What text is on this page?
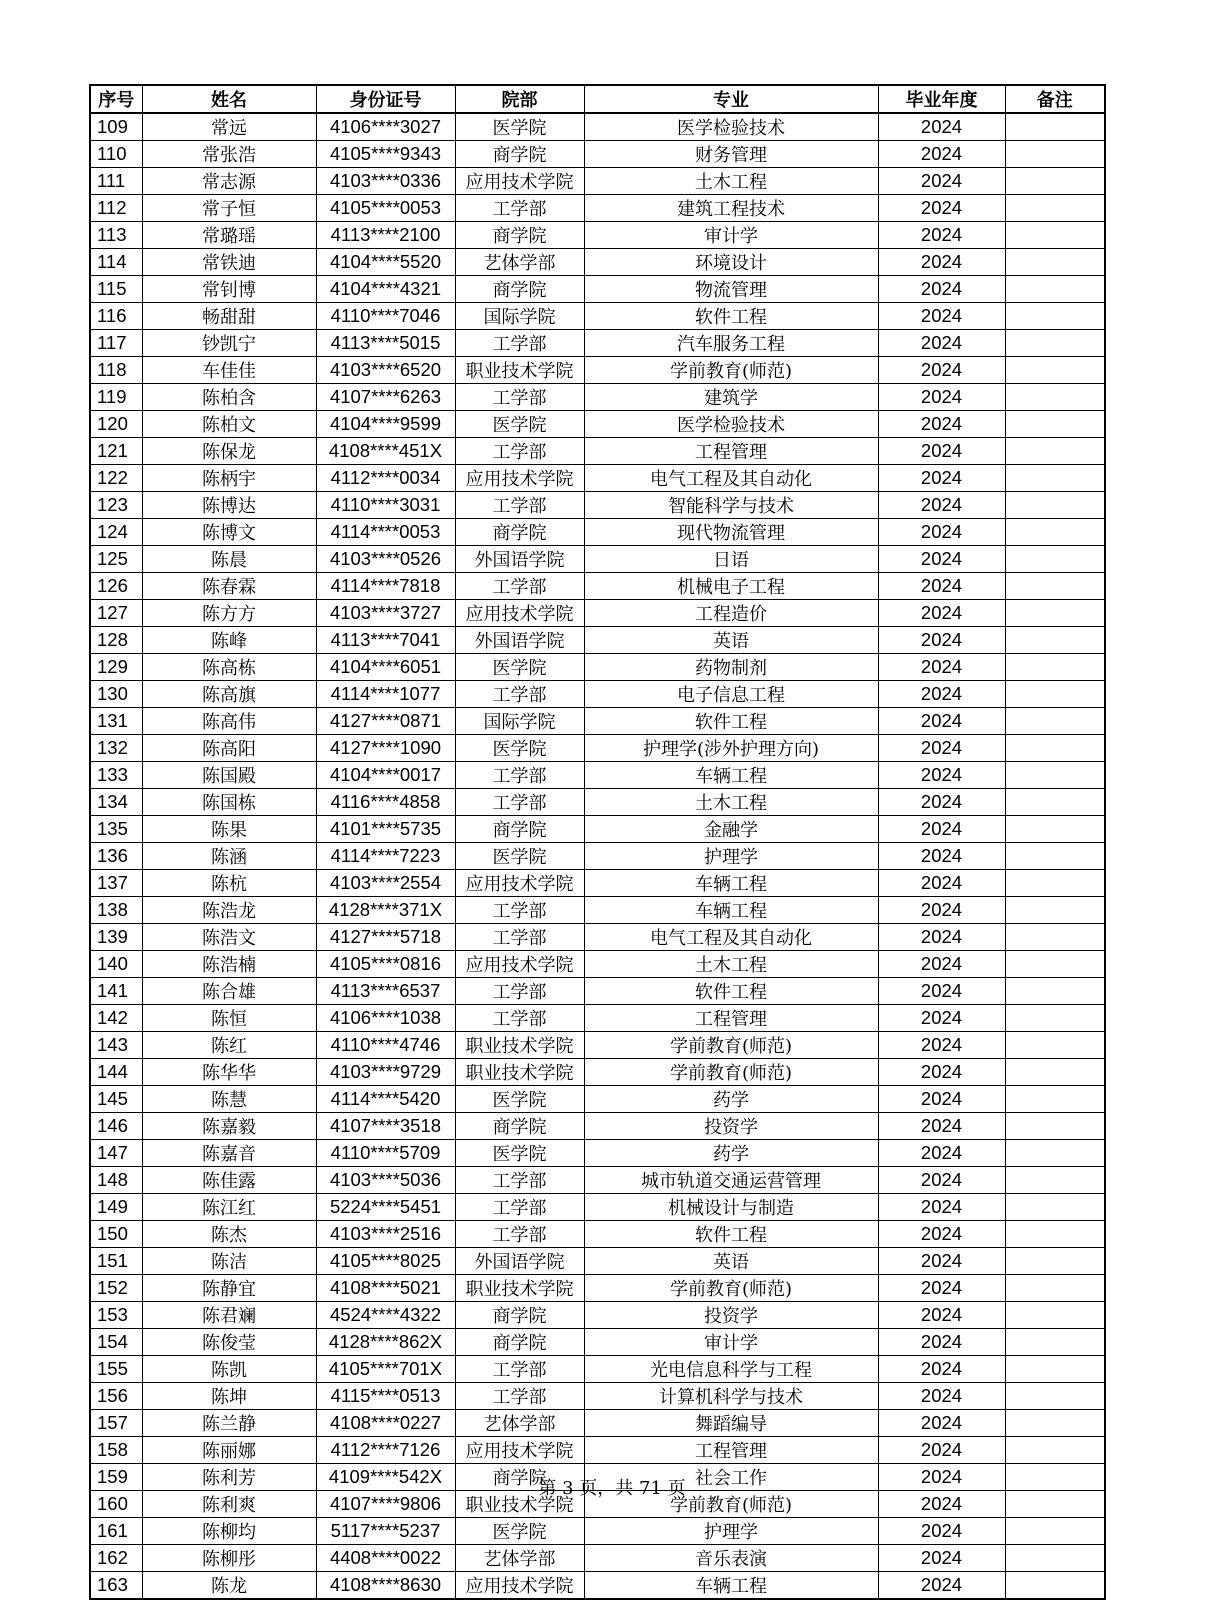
序号	姓名	身份证号	院部	专业	毕业年度	备注
109	常远	4106****3027	医学院	医学检验技术	2024	
110	常张浩	4105****9343	商学院	财务管理	2024	
111	常志源	4103****0336	应用技术学院	土木工程	2024	
112	常子恒	4105****0053	工学部	建筑工程技术	2024	
113	常璐瑶	4113****2100	商学院	审计学	2024	
114	常铁迪	4104****5520	艺体学部	环境设计	2024	
115	常钊博	4104****4321	商学院	物流管理	2024	
116	畅甜甜	4110****7046	国际学院	软件工程	2024	
117	钞凯宁	4113****5015	工学部	汽车服务工程	2024	
118	车佳佳	4103****6520	职业技术学院	学前教育(师范)	2024	
119	陈柏含	4107****6263	工学部	建筑学	2024	
120	陈柏文	4104****9599	医学院	医学检验技术	2024	
121	陈保龙	4108****451X	工学部	工程管理	2024	
122	陈柄宇	4112****0034	应用技术学院	电气工程及其自动化	2024	
123	陈博达	4110****3031	工学部	智能科学与技术	2024	
124	陈博文	4114****0053	商学院	现代物流管理	2024	
125	陈晨	4103****0526	外国语学院	日语	2024	
126	陈春霖	4114****7818	工学部	机械电子工程	2024	
127	陈方方	4103****3727	应用技术学院	工程造价	2024	
128	陈峰	4113****7041	外国语学院	英语	2024	
129	陈高栋	4104****6051	医学院	药物制剂	2024	
130	陈高旗	4114****1077	工学部	电子信息工程	2024	
131	陈高伟	4127****0871	国际学院	软件工程	2024	
132	陈高阳	4127****1090	医学院	护理学(涉外护理方向)	2024	
133	陈国殿	4104****0017	工学部	车辆工程	2024	
134	陈国栋	4116****4858	工学部	土木工程	2024	
135	陈果	4101****5735	商学院	金融学	2024	
136	陈涵	4114****7223	医学院	护理学	2024	
137	陈杭	4103****2554	应用技术学院	车辆工程	2024	
138	陈浩龙	4128****371X	工学部	车辆工程	2024	
139	陈浩文	4127****5718	工学部	电气工程及其自动化	2024	
140	陈浩楠	4105****0816	应用技术学院	土木工程	2024	
141	陈合雄	4113****6537	工学部	软件工程	2024	
142	陈恒	4106****1038	工学部	工程管理	2024	
143	陈红	4110****4746	职业技术学院	学前教育(师范)	2024	
144	陈华华	4103****9729	职业技术学院	学前教育(师范)	2024	
145	陈慧	4114****5420	医学院	药学	2024	
146	陈嘉毅	4107****3518	商学院	投资学	2024	
147	陈嘉音	4110****5709	医学院	药学	2024	
148	陈佳露	4103****5036	工学部	城市轨道交通运营管理	2024	
149	陈江红	5224****5451	工学部	机械设计与制造	2024	
150	陈杰	4103****2516	工学部	软件工程	2024	
151	陈洁	4105****8025	外国语学院	英语	2024	
152	陈静宜	4108****5021	职业技术学院	学前教育(师范)	2024	
153	陈君斓	4524****4322	商学院	投资学	2024	
154	陈俊莹	4128****862X	商学院	审计学	2024	
155	陈凯	4105****701X	工学部	光电信息科学与工程	2024	
156	陈坤	4115****0513	工学部	计算机科学与技术	2024	
157	陈兰静	4108****0227	艺体学部	舞蹈编导	2024	
158	陈丽娜	4112****7126	应用技术学院	工程管理	2024	
159	陈利芳	4109****542X	商学院	社会工作	2024	
160	陈利爽	4107****9806	职业技术学院	学前教育(师范)	2024	
161	陈柳均	5117****5237	医学院	护理学	2024	
162	陈柳彤	4408****0022	艺体学部	音乐表演	2024	
163	陈龙	4108****8630	应用技术学院	车辆工程	2024	
第 3 页，共 71 页
